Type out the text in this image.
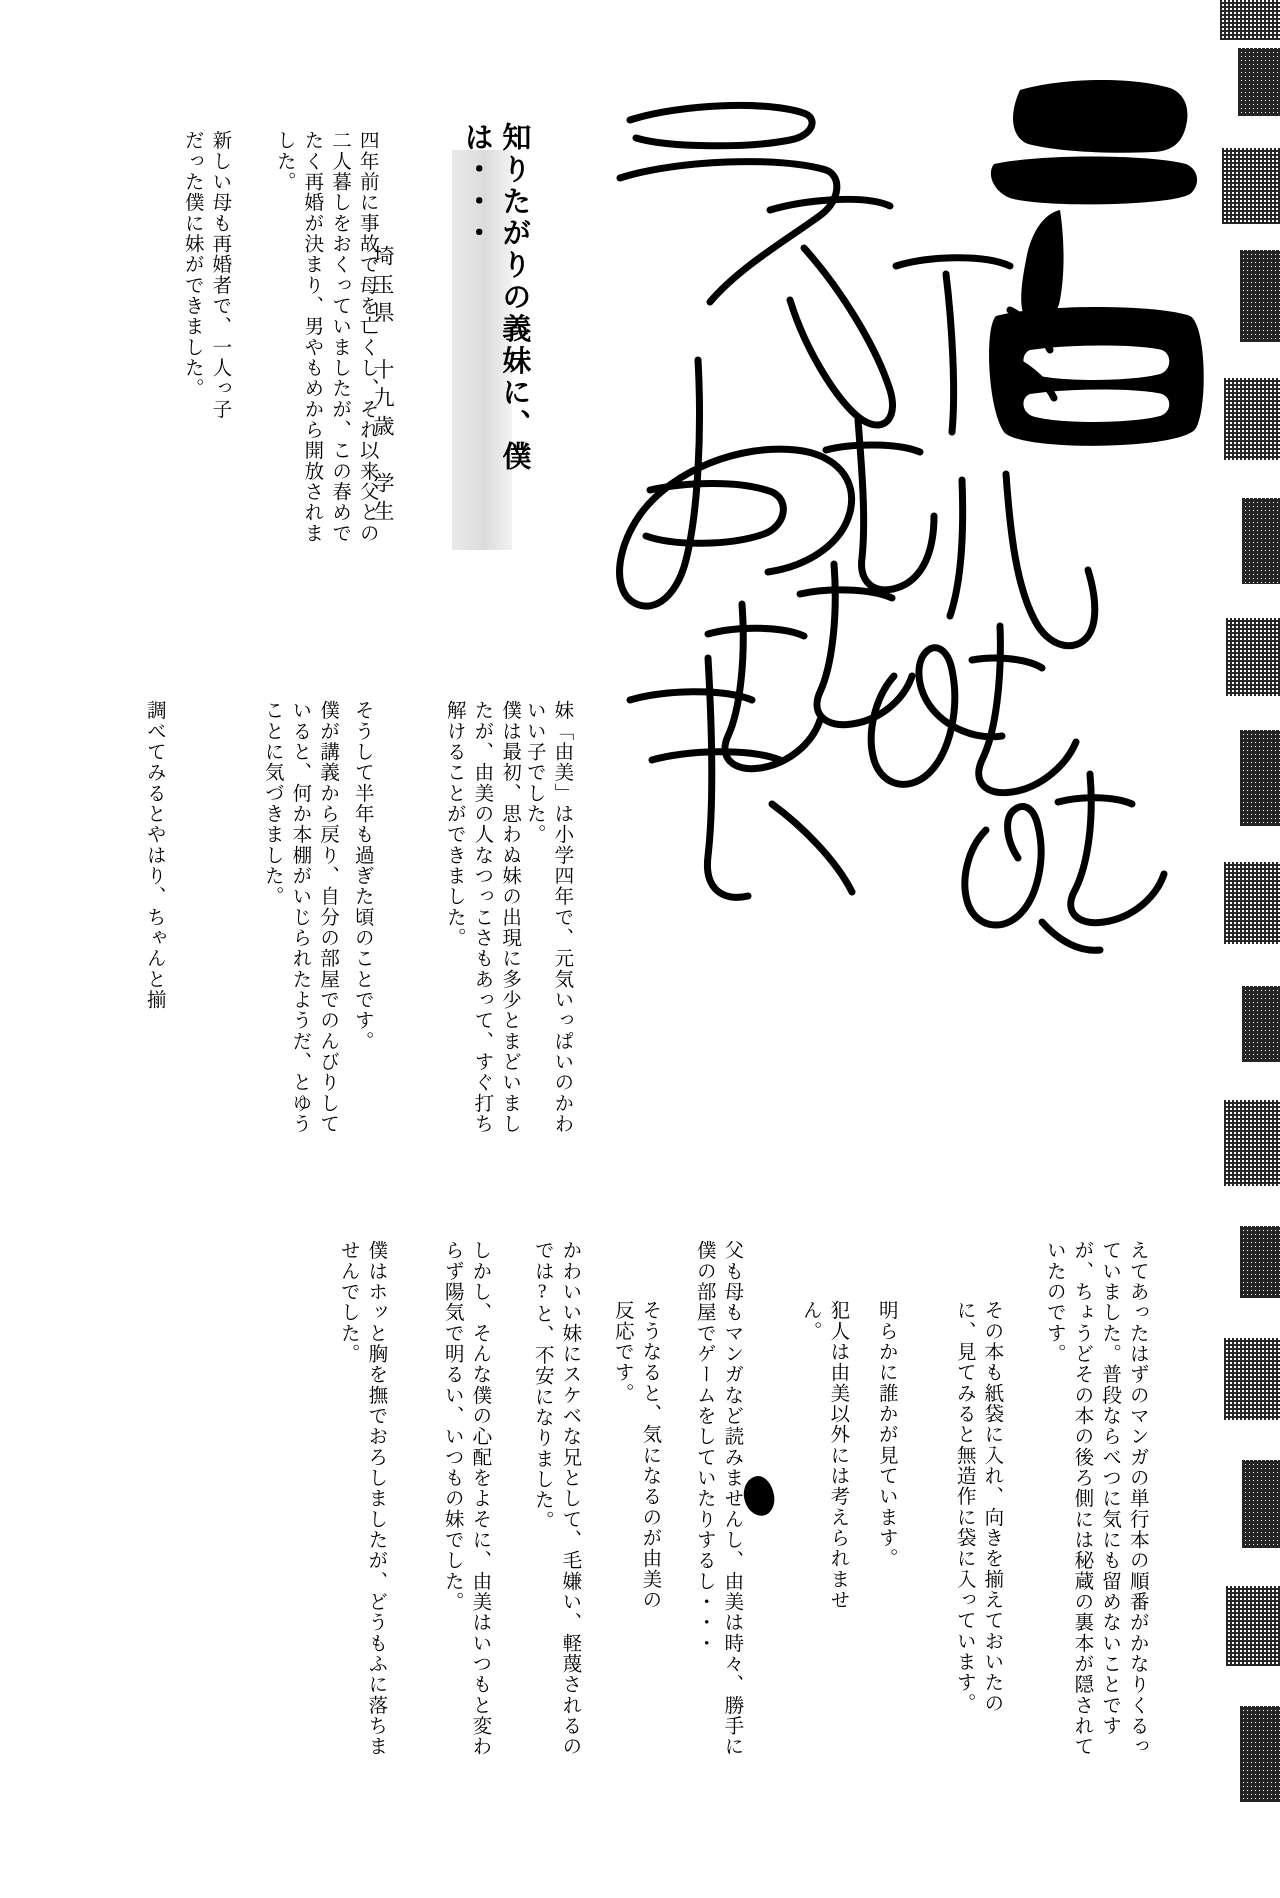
知りたがりの義妹に、僕は・・・
埼玉県　十九歳　学生
四年前に事故で母を亡くし、それ以来父との二人暮しをおくっていましたが、この春めでたく再婚が決まり、男やもめから開放されました。
新しい母も再婚者で、一人っ子だった僕に妹ができました。
妹「由美」は小学四年で、元気いっぱいのかわいい子でした。
僕は最初、思わぬ妹の出現に多少とまどいましたが、由美の人なつっこさもあって、すぐ打ち解けることができました。
そうして半年も過ぎた頃のことです。
僕が講義から戻り、自分の部屋でのんびりしていると、何か本棚がいじられたようだ、とゆうことに気づきました。
調べてみるとやはり、ちゃんと揃
えてあったはずのマンガの単行本の順番がかなりくるっていました。普段ならべつに気にも留めないことですが、ちょうどその本の後ろ側には秘蔵の裏本が隠されていたのです。
その本も紙袋に入れ、向きを揃えておいたのに、見てみると無造作に袋に入っています。
明らかに誰かが見ています。
犯人は由美以外には考えられません。
父も母もマンガなど読みませんし、由美は時々、勝手に僕の部屋でゲームをしていたりするし・・・
そうなると、気になるのが由美の反応です。
かわいい妹にスケベな兄として、毛嫌い、軽蔑されるのでは?と、不安になりました。
しかし、そんな僕の心配をよそに、由美はいつもと変わらず陽気で明るい、いつもの妹でした。
僕はホッと胸を撫でおろしましたが、どうもふに落ちませんでした。
